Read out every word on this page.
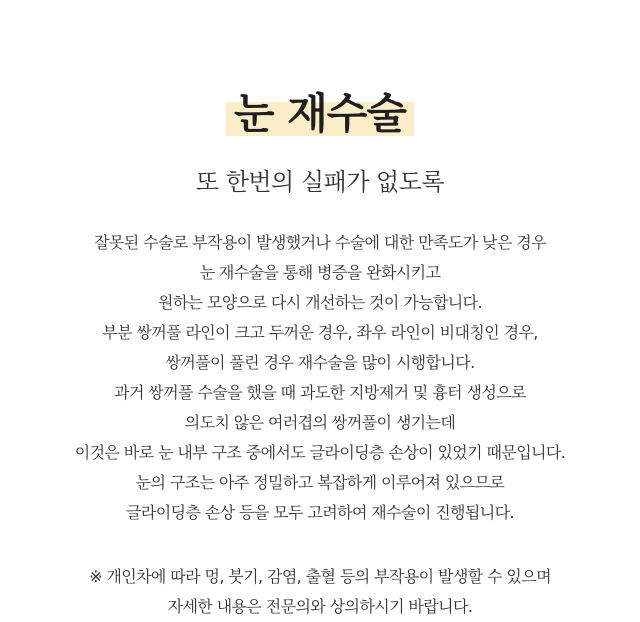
눈 재수술
또 한번의 실패가 없도록
잘못된 수술로 부작용이 발생했거나 수술에 대한 만족도가 낮은 경우
눈 재수술을 통해 병증을 완화시키고
원하는 모양으로 다시 개선하는 것이 가능합니다.
부분 쌍꺼풀 라인이 크고 두꺼운 경우, 좌우 라인이 비대칭인 경우,
쌍꺼풀이 풀린 경우 재수술을 많이 시행합니다.
과거 쌍꺼풀 수술을 했을 때 과도한 지방제거 및 흉터 생성으로
의도치 않은 여러겹의 쌍꺼풀이 생기는데
이것은 바로 눈 내부 구조 중에서도 글라이딩층 손상이 있었기 때문입니다.
눈의 구조는 아주 정밀하고 복잡하게 이루어져 있으므로
글라이딩층 손상 등을 모두 고려하여 재수술이 진행됩니다.
※ 개인차에 따라 멍, 붓기, 감염, 출혈 등의 부작용이 발생할 수 있으며
자세한 내용은 전문의와 상의하시기 바랍니다.
